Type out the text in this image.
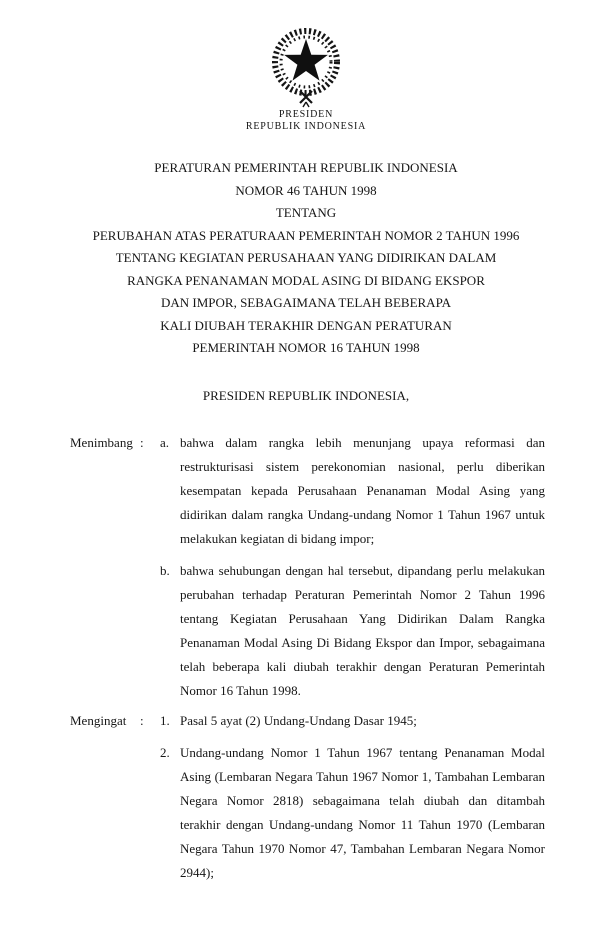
PRESIDEN
REPUBLIK INDONESIA
PERATURAN PEMERINTAH REPUBLIK INDONESIA
NOMOR 46 TAHUN 1998
TENTANG
PERUBAHAN ATAS PERATURAAN PEMERINTAH NOMOR 2 TAHUN 1996
TENTANG KEGIATAN PERUSAHAAN YANG DIDIRIKAN DALAM
RANGKA PENANAMAN MODAL ASING DI BIDANG EKSPOR
DAN IMPOR, SEBAGAIMANA TELAH BEBERAPA
KALI DIUBAH TERAKHIR DENGAN PERATURAN
PEMERINTAH NOMOR 16 TAHUN 1998
PRESIDEN REPUBLIK INDONESIA,
Menimbang :	a. bahwa dalam rangka lebih menunjang upaya reformasi dan restrukturisasi sistem perekonomian nasional, perlu diberikan kesempatan kepada Perusahaan Penanaman Modal Asing yang didirikan dalam rangka Undang-undang Nomor 1 Tahun 1967 untuk melakukan kegiatan di bidang impor;
b. bahwa sehubungan dengan hal tersebut, dipandang perlu melakukan perubahan terhadap Peraturan Pemerintah Nomor 2 Tahun 1996 tentang Kegiatan Perusahaan Yang Didirikan Dalam Rangka Penanaman Modal Asing Di Bidang Ekspor dan Impor, sebagaimana telah beberapa kali diubah terakhir dengan Peraturan Pemerintah Nomor 16 Tahun 1998.
Mengingat	:	1. Pasal 5 ayat (2) Undang-Undang Dasar 1945;
2. Undang-undang Nomor 1 Tahun 1967 tentang Penanaman Modal Asing (Lembaran Negara Tahun 1967 Nomor 1, Tambahan Lembaran Negara Nomor 2818) sebagaimana telah diubah dan ditambah terakhir dengan Undang-undang Nomor 11 Tahun 1970 (Lembaran Negara Tahun 1970 Nomor 47, Tambahan Lembaran Negara Nomor 2944);
